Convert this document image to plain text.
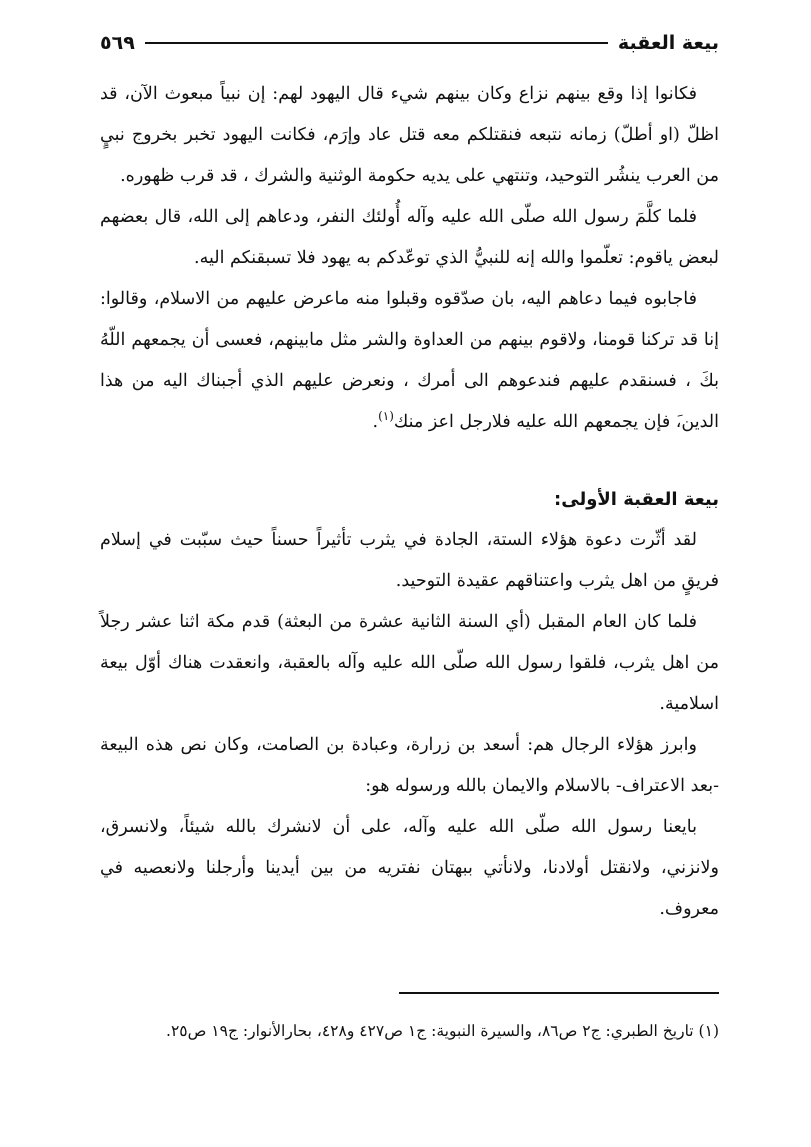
بيعة العقبة
٥٦٩

فكانوا إذا وقع بينهم نزاع وكان بينهم شيء قال اليهود لهم: إن نبياً مبعوث الآن، قد اظلّ (او أطلّ) زمانه نتبعه فنقتلكم معه قتل عاد وإرَم، فكانت اليهود تخبر بخروج نبيٍ من العرب ينشُر التوحيد، وتنتهي على يديه حكومة الوثنية والشرك ، قد قرب ظهوره.

فلما كلَّمَ رسول الله صلّى الله عليه وآله أُولئك النفر، ودعاهم إلى الله، قال بعضهم لبعض ياقوم: تعلّموا والله إنه للنبيُّ الذي توعّدكم به يهود فلا تسبقنكم اليه.

فاجابوه فيما دعاهم اليه، بان صدّقوه وقبلوا منه ماعرض عليهم من الاسلام، وقالوا: إنا قد تركنا قومنا، ولاقوم بينهم من العداوة والشر مثل مابينهم، فعسى أن يجمعهم اللّهُ بكَ ، فسنقدم عليهم فندعوهم الى أمرك ، ونعرض عليهم الذي أجبناك اليه من هذا الدين،َ فإن يجمعهم الله عليه فلارجل اعز منك$^{(١)}$.

بيعة العقبة الأولى:

لقد أثّرت دعوة هؤلاء الستة، الجادة في يثرب تأثيراً حسناً حيث سبّبت في إسلام فريقٍ من اهل يثرب واعتناقهم عقيدة التوحيد.

فلما كان العام المقبل (أي السنة الثانية عشرة من البعثة) قدم مكة اثنا عشر رجلاً من اهل يثرب، فلقوا رسول الله صلّى الله عليه وآله بالعقبة، وانعقدت هناك أوّل بيعة اسلامية.

وابرز هؤلاء الرجال هم: أسعد بن زرارة، وعبادة بن الصامت، وكان نص هذه البيعة -بعد الاعتراف- بالاسلام والايمان بالله ورسوله هو:

بايعنا رسول الله صلّى الله عليه وآله، على أن لانشرك بالله شيئاً، ولانسرق، ولانزني، ولانقتل أولادنا، ولانأتي ببهتان نفتريه من بين أيدينا وأرجلنا ولانعصيه في معروف.

(١) تاريخ الطبري: ج٢ ص٨٦، والسيرة النبوية: ج١ ص٤٢٧ و٤٢٨، بحارالأنوار: ج١٩ ص٢٥.
